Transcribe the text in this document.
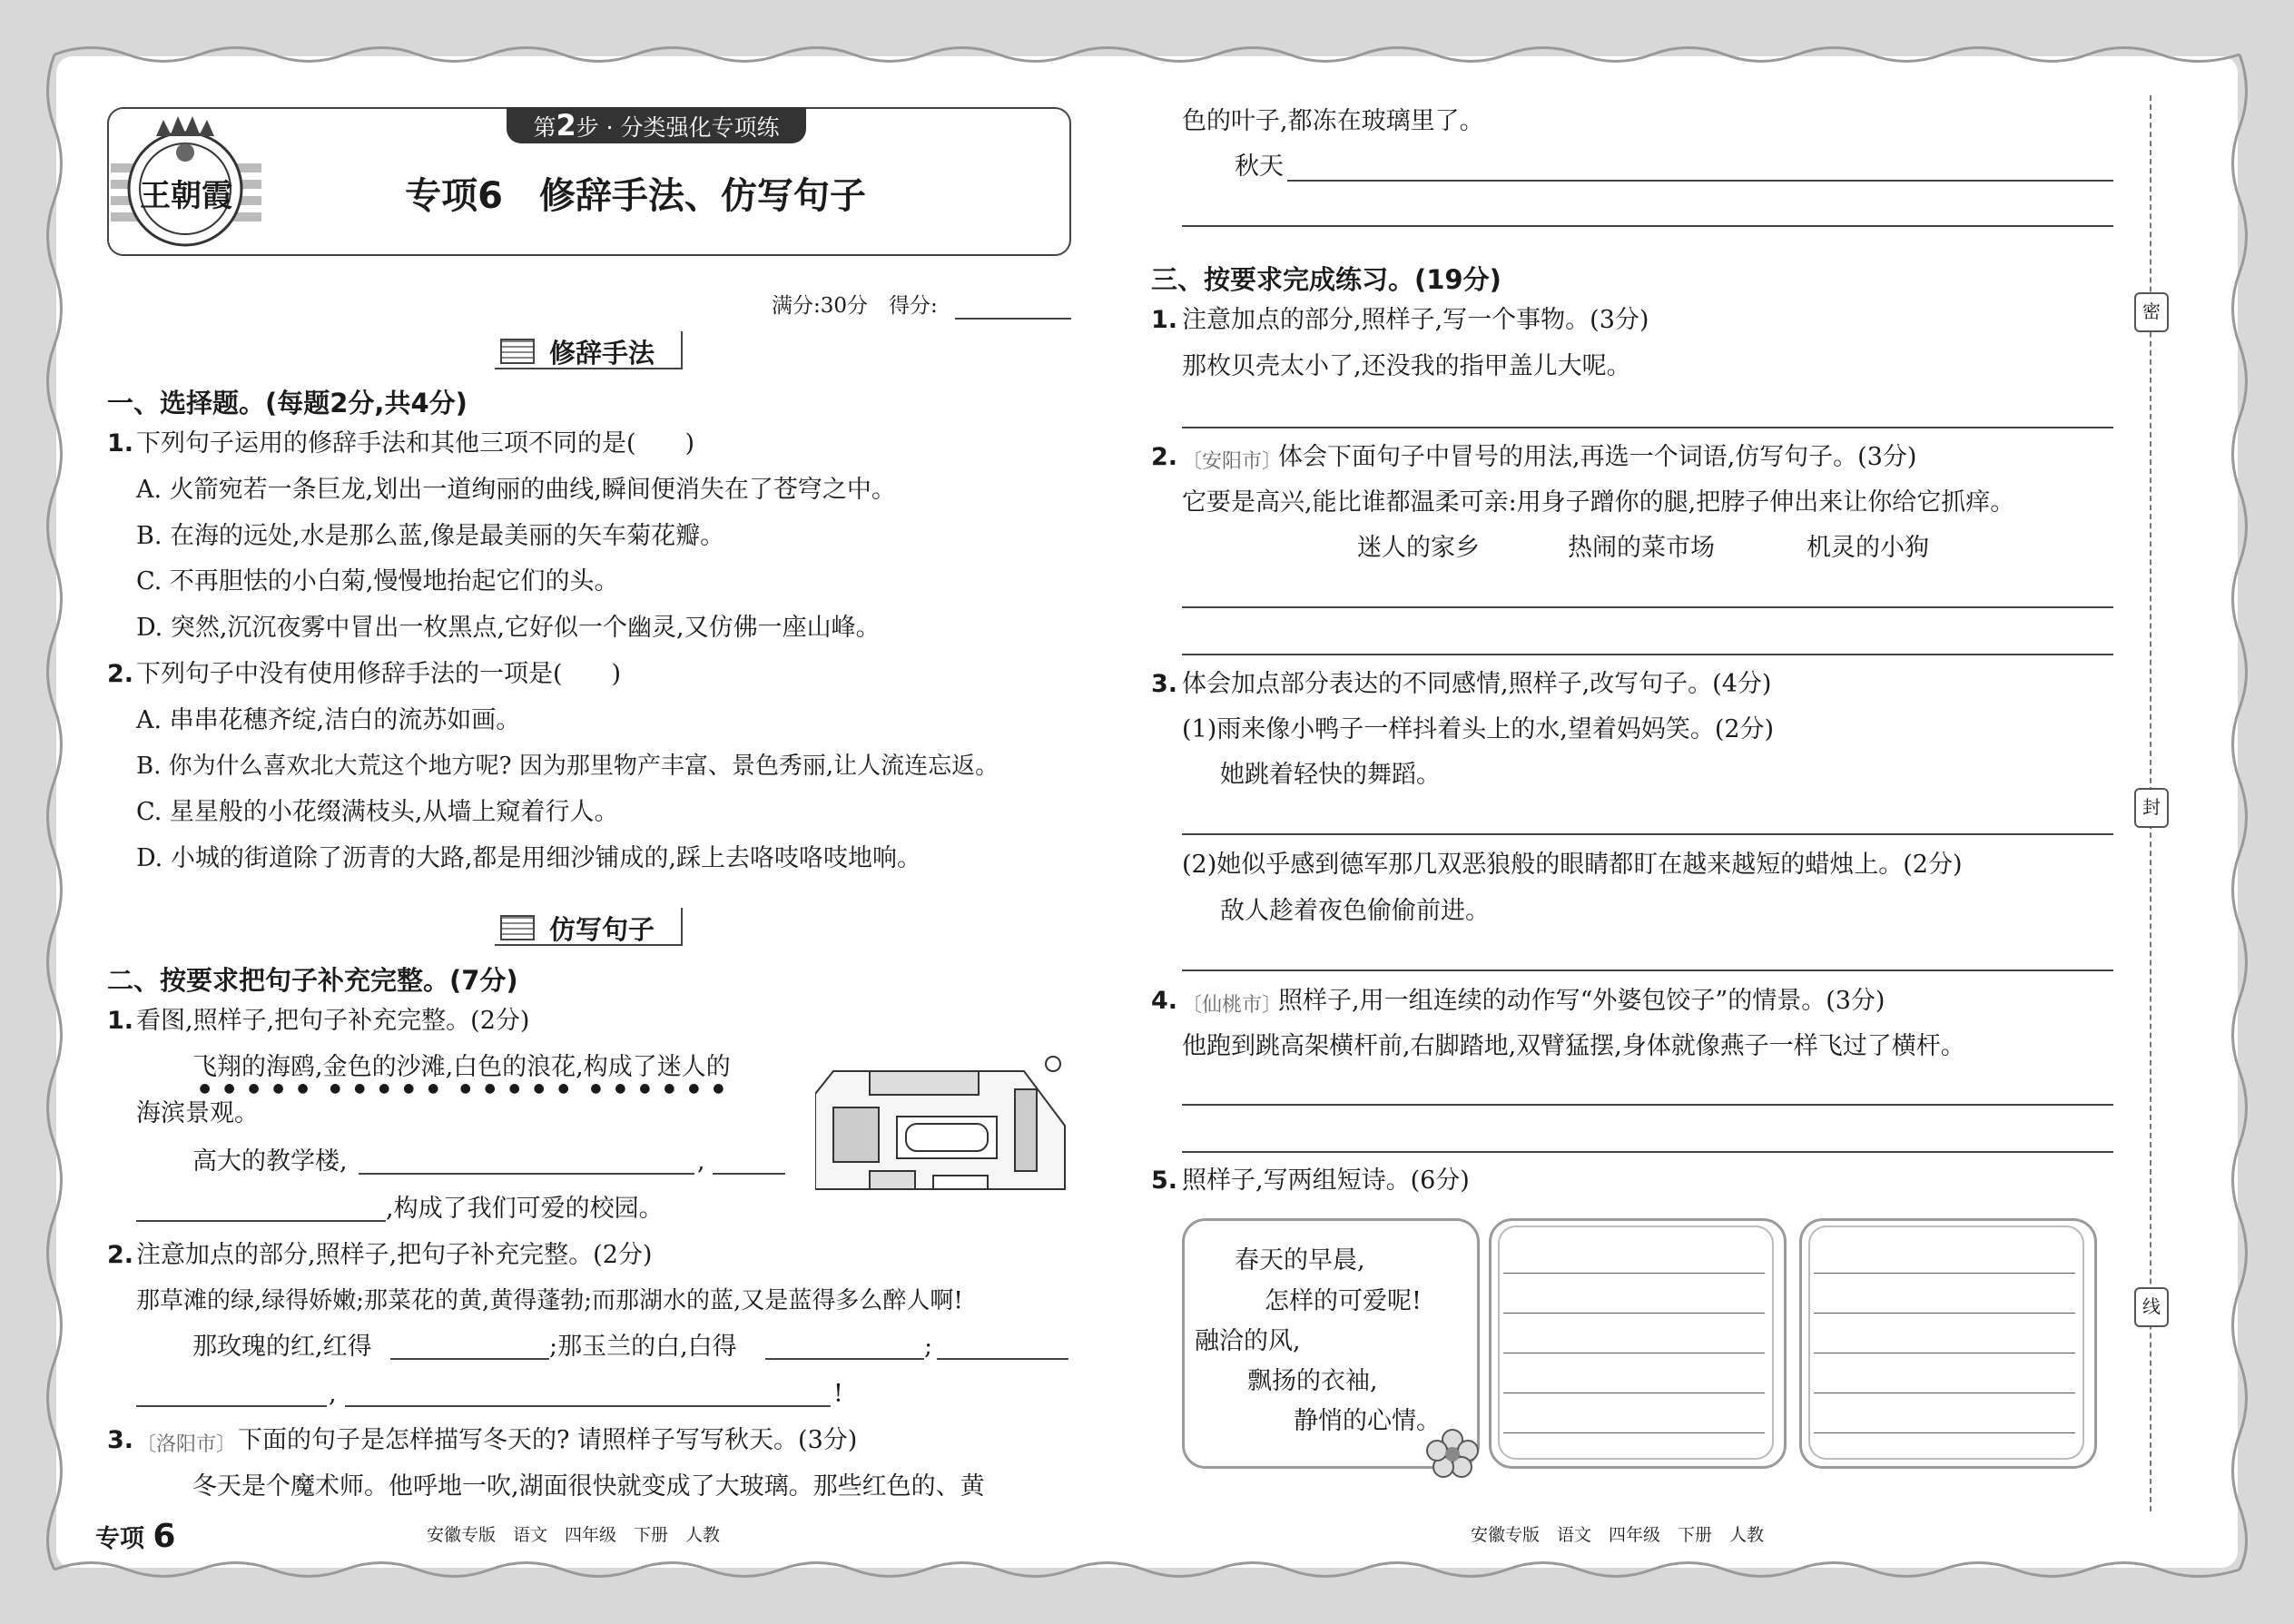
王朝霞
第2步 · 分类强化专项练
专项6　修辞手法、仿写句子
满分:30分　得分:
修辞手法
一、选择题。(每题2分,共4分)
1. 下列句子运用的修辞手法和其他三项不同的是(　　)
A. 火箭宛若一条巨龙,划出一道绚丽的曲线,瞬间便消失在了苍穹之中。
B. 在海的远处,水是那么蓝,像是最美丽的矢车菊花瓣。
C. 不再胆怯的小白菊,慢慢地抬起它们的头。
D. 突然,沉沉夜雾中冒出一枚黑点,它好似一个幽灵,又仿佛一座山峰。
2. 下列句子中没有使用修辞手法的一项是(　　)
A. 串串花穗齐绽,洁白的流苏如画。
B. 你为什么喜欢北大荒这个地方呢? 因为那里物产丰富、景色秀丽,让人流连忘返。
C. 星星般的小花缀满枝头,从墙上窥着行人。
D. 小城的街道除了沥青的大路,都是用细沙铺成的,踩上去咯吱咯吱地响。
仿写句子
二、按要求把句子补充完整。(7分)
1. 看图,照样子,把句子补充完整。(2分)
飞翔的海鸥,金色的沙滩,白色的浪花,构成了迷人的
海滨景观。
高大的教学楼,	,
,构成了我们可爱的校园。
2. 注意加点的部分,照样子,把句子补充完整。(2分)
那草滩的绿,绿得娇嫩;那菜花的黄,黄得蓬勃;而那湖水的蓝,又是蓝得多么醉人啊!
那玫瑰的红,红得	;那玉兰的白,白得	;
,	!
3. 〔洛阳市〕 下面的句子是怎样描写冬天的? 请照样子写写秋天。(3分)
冬天是个魔术师。他呼地一吹,湖面很快就变成了大玻璃。那些红色的、黄
专项 6	安徽专版　语文　四年级　下册　人教
色的叶子,都冻在玻璃里了。
秋天
三、按要求完成练习。(19分)
1. 注意加点的部分,照样子,写一个事物。(3分)
那枚贝壳太小了,还没我的指甲盖儿大呢。
2. 〔安阳市〕
体会下面句子中冒号的用法,再选一个词语,仿写句子。(3分)
它要是高兴,能比谁都温柔可亲:用身子蹭你的腿,把脖子伸出来让你给它抓痒。
迷人的家乡	热闹的菜市场	机灵的小狗
3. 体会加点部分表达的不同感情,照样子,改写句子。(4分)
(1)雨来像小鸭子一样抖着头上的水,望着妈妈笑。(2分)
她跳着轻快的舞蹈。
(2)她似乎感到德军那几双恶狼般的眼睛都盯在越来越短的蜡烛上。(2分)
敌人趁着夜色偷偷前进。
4. 〔仙桃市〕
照样子,用一组连续的动作写“外婆包饺子”的情景。(3分)
他跑到跳高架横杆前,右脚踏地,双臂猛摆,身体就像燕子一样飞过了横杆。
5. 照样子,写两组短诗。(6分)
春天的早晨,
怎样的可爱呢!
融洽的风,
飘扬的衣袖,
静悄的心情。
安徽专版　语文　四年级　下册　人教
密
封
线
